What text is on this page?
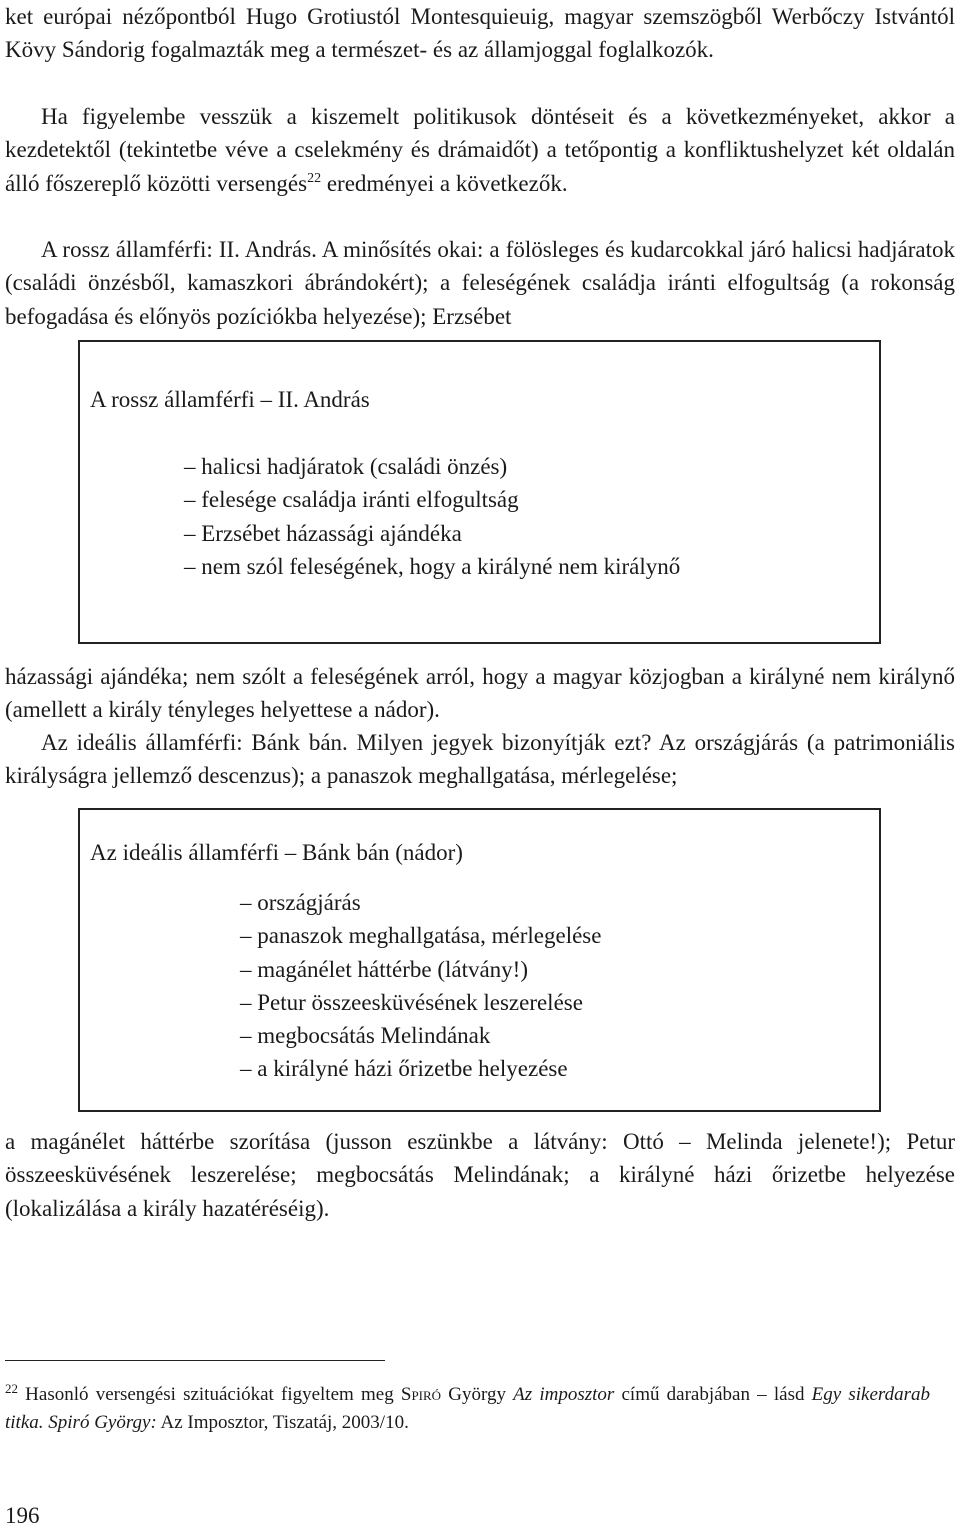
ket európai nézőpontból Hugo Grotiustól Montesquieuig, magyar szemszögből Werbőczy Istvántól Kövy Sándorig fogalmazták meg a természet- és az államjoggal foglalkozók.
Ha figyelembe vesszük a kiszemelt politikusok döntéseit és a következményeket, akkor a kezdetektől (tekintetbe véve a cselekmény és drámaidőt) a tetőpontig a konfliktushelyzet két oldalán álló főszereplő közötti versengés$^{22}$ eredményei a következők.
A rossz államférfi: II. András. A minősítés okai: a fölösleges és kudarcokkal járó halicsi hadjáratok (családi önzésből, kamaszkori ábrándokért); a feleségének családja iránti elfogultság (a rokonság befogadása és előnyös pozíciókba helyezése); Erzsébet
A rossz államférfi – II. András
– halicsi hadjáratok (családi önzés)
– felesége családja iránti elfogultság
– Erzsébet házassági ajándéka
– nem szól feleségének, hogy a királyné nem királynő
házassági ajándéka; nem szólt a feleségének arról, hogy a magyar közjogban a királyné nem királynő (amellett a király tényleges helyettese a nádor).
Az ideális államférfi: Bánk bán. Milyen jegyek bizonyítják ezt? Az országjárás (a patrimoniális királyságra jellemző descenzus); a panaszok meghallgatása, mérlegelése;
Az ideális államférfi – Bánk bán (nádor)
– országjárás
– panaszok meghallgatása, mérlegelése
– magánélet háttérbe (látvány!)
– Petur összeesküvésének leszerelése
– megbocsátás Melindának
– a királyné házi őrizetbe helyezése
a magánélet háttérbe szorítása (jusson eszünkbe a látvány: Ottó – Melinda jelenete!); Petur összeesküvésének leszerelése; megbocsátás Melindának; a királyné házi őrizetbe helyezése (lokalizálása a király hazatéréséig).
$^{22}$ Hasonló versengési szituációkat figyeltem meg Spiró György Az imposztor című darabjában – lásd Egy sikerdarab titka. Spiró György: Az Imposztor, Tiszatáj, 2003/10.
196
